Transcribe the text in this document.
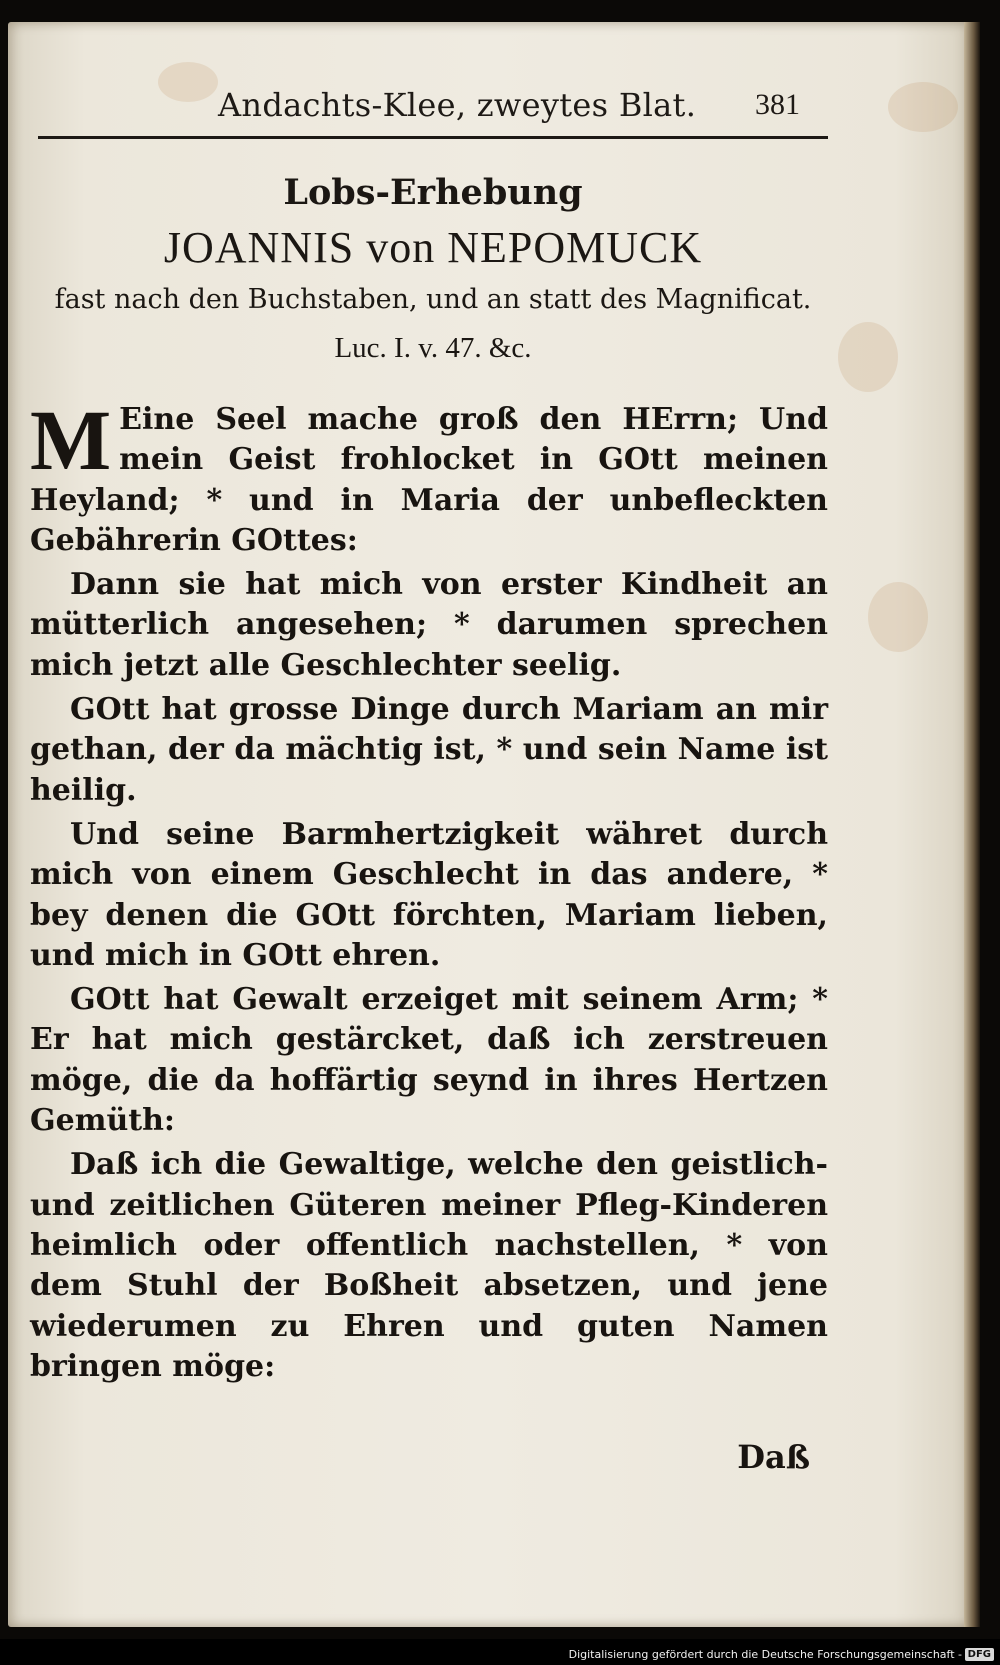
Andachts-Klee, zweytes Blat. 381
Lobs-Erhebung
JOANNIS von NEPOMUCK
fast nach den Buchstaben, und an statt des Magnificat.
Luc. I. v. 47. &c.

M Eine Seel mache groß den HErrn; Und mein Geist frohlocket in GOtt meinen Heyland; * und in Maria der unbefleckten Gebährerin GOttes:

Dann sie hat mich von erster Kindheit an mütterlich angesehen; * darumen sprechen mich jetzt alle Geschlechter seelig.

GOtt hat grosse Dinge durch Mariam an mir gethan, der da mächtig ist, * und sein Name ist heilig.

Und seine Barmhertzigkeit währet durch mich von einem Geschlecht in das andere, * bey denen die GOtt förchten, Mariam lieben, und mich in GOtt ehren.

GOtt hat Gewalt erzeiget mit seinem Arm; * Er hat mich gestärcket, daß ich zerstreuen möge, die da hoffärtig seynd in ihres Hertzen Gemüth:

Daß ich die Gewaltige, welche den geistlich- und zeitlichen Güteren meiner Pfleg-Kinderen heimlich oder offentlich nachstellen, * von dem Stuhl der Boßheit absetzen, und jene wiederumen zu Ehren und guten Namen bringen möge:

Daß
Digitalisierung gefördert durch die Deutsche Forschungsgemeinschaft - DFG
